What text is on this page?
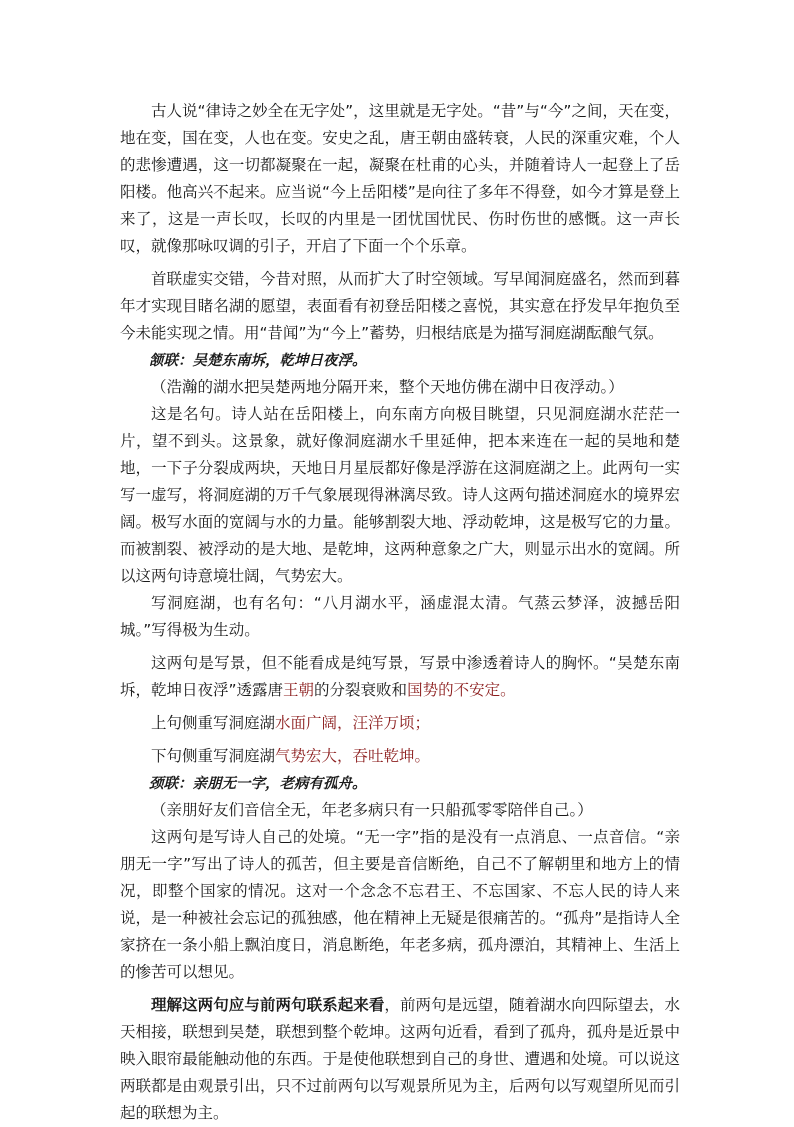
古人说“律诗之妙全在无字处”，这里就是无字处。“昔”与“今”之间，天在变，地在变，国在变，人也在变。安史之乱，唐王朝由盛转衰，人民的深重灾难，个人的悲惨遭遇，这一切都凝聚在一起，凝聚在杜甫的心头，并随着诗人一起登上了岳阳楼。他高兴不起来。应当说“今上岳阳楼”是向往了多年不得登，如今才算是登上来了，这是一声长叹，长叹的内里是一团忧国忧民、伤时伤世的感慨。这一声长叹，就像那咏叹调的引子，开启了下面一个个乐章。

首联虚实交错，今昔对照，从而扩大了时空领域。写早闻洞庭盛名，然而到暮年才实现目睹名湖的愿望，表面看有初登岳阳楼之喜悦，其实意在抒发早年抱负至今未能实现之情。用“昔闻”为“今上”蓄势，归根结底是为描写洞庭湖酝酿气氛。

颔联：吴楚东南坼，乾坤日夜浮。

（浩瀚的湖水把吴楚两地分隔开来，整个天地仿佛在湖中日夜浮动。）

这是名句。诗人站在岳阳楼上，向东南方向极目眺望，只见洞庭湖水茫茫一片，望不到头。这景象，就好像洞庭湖水千里延伸，把本来连在一起的吴地和楚地，一下子分裂成两块，天地日月星辰都好像是浮游在这洞庭湖之上。此两句一实写一虚写，将洞庭湖的万千气象展现得淋漓尽致。诗人这两句描述洞庭水的境界宏阔。极写水面的宽阔与水的力量。能够割裂大地、浮动乾坤，这是极写它的力量。而被割裂、被浮动的是大地、是乾坤，这两种意象之广大，则显示出水的宽阔。所以这两句诗意境壮阔，气势宏大。

写洞庭湖，也有名句：“八月湖水平，涵虚混太清。气蒸云梦泽，波撼岳阳城。”写得极为生动。

这两句是写景，但不能看成是纯写景，写景中渗透着诗人的胸怀。“吴楚东南坼，乾坤日夜浮”透露唐王朝的分裂衰败和国势的不安定。

上句侧重写洞庭湖水面广阔，汪洋万顷；

下句侧重写洞庭湖气势宏大，吞吐乾坤。

颈联：亲朋无一字，老病有孤舟。

（亲朋好友们音信全无，年老多病只有一只船孤零零陪伴自己。）

这两句是写诗人自己的处境。“无一字”指的是没有一点消息、一点音信。“亲朋无一字”写出了诗人的孤苦，但主要是音信断绝，自己不了解朝里和地方上的情况，即整个国家的情况。这对一个念念不忘君王、不忘国家、不忘人民的诗人来说，是一种被社会忘记的孤独感，他在精神上无疑是很痛苦的。“孤舟”是指诗人全家挤在一条小船上飘泊度日，消息断绝，年老多病，孤舟漂泊，其精神上、生活上的惨苦可以想见。

理解这两句应与前两句联系起来看，前两句是远望，随着湖水向四际望去，水天相接，联想到吴楚，联想到整个乾坤。这两句近看，看到了孤舟，孤舟是近景中映入眼帘最能触动他的东西。于是使他联想到自己的身世、遭遇和处境。可以说这两联都是由观景引出，只不过前两句以写观景所见为主，后两句以写观望所见而引起的联想为主。
